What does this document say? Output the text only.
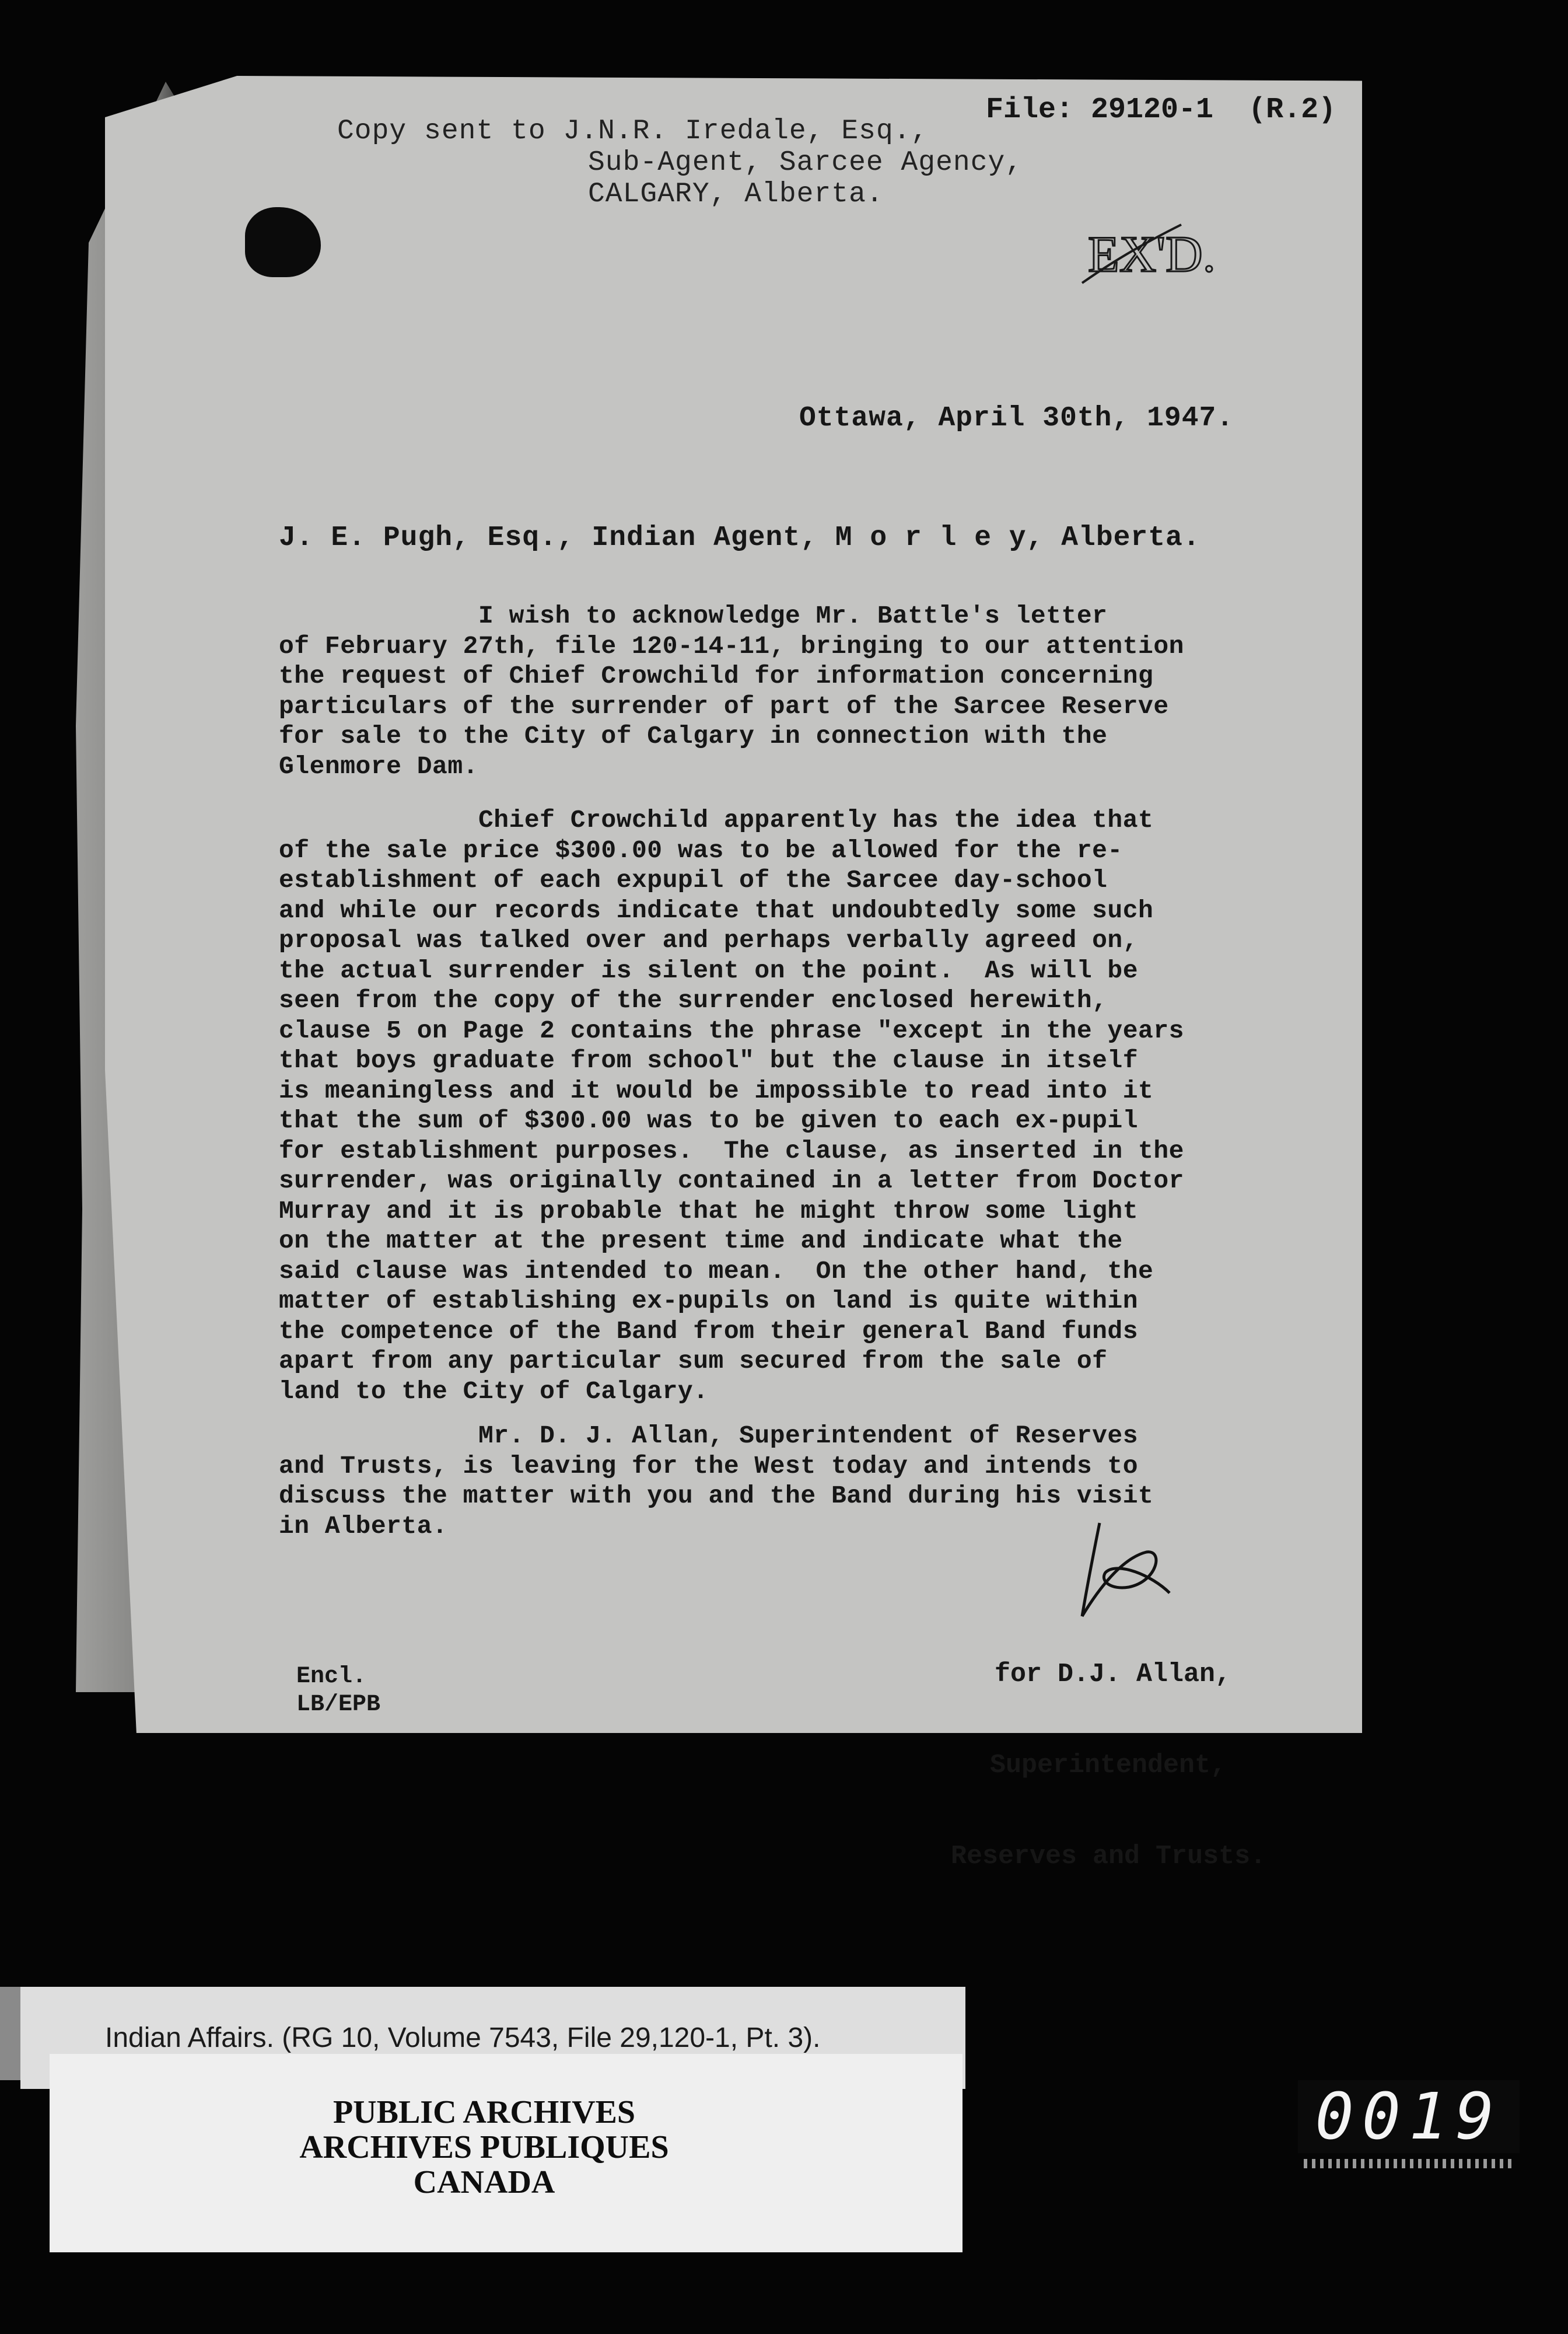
File: 29120-1  (R.2)
Copy sent to J.N.R. Iredale, Esq.,
Sub-Agent, Sarcee Agency,
CALGARY, Alberta.
EX'D.
Ottawa, April 30th, 1947.
J. E. Pugh, Esq., Indian Agent, M o r l e y, Alberta.
I wish to acknowledge Mr. Battle's letter
of February 27th, file 120-14-11, bringing to our attention
the request of Chief Crowchild for information concerning
particulars of the surrender of part of the Sarcee Reserve
for sale to the City of Calgary in connection with the
Glenmore Dam.
Chief Crowchild apparently has the idea that
of the sale price $300.00 was to be allowed for the re-
establishment of each expupil of the Sarcee day-school
and while our records indicate that undoubtedly some such
proposal was talked over and perhaps verbally agreed on,
the actual surrender is silent on the point.  As will be
seen from the copy of the surrender enclosed herewith,
clause 5 on Page 2 contains the phrase "except in the years
that boys graduate from school" but the clause in itself
is meaningless and it would be impossible to read into it
that the sum of $300.00 was to be given to each ex-pupil
for establishment purposes.  The clause, as inserted in the
surrender, was originally contained in a letter from Doctor
Murray and it is probable that he might throw some light
on the matter at the present time and indicate what the
said clause was intended to mean.  On the other hand, the
matter of establishing ex-pupils on land is quite within
the competence of the Band from their general Band funds
apart from any particular sum secured from the sale of
land to the City of Calgary.
Mr. D. J. Allan, Superintendent of Reserves
and Trusts, is leaving for the West today and intends to
discuss the matter with you and the Band during his visit
in Alberta.

for D.J. Allan,

Superintendent,

Reserves and Trusts.

Encl.
LB/EPB
Indian Affairs. (RG 10, Volume 7543, File 29,120-1, Pt. 3).
PUBLIC ARCHIVES
ARCHIVES PUBLIQUES
CANADA
0019
